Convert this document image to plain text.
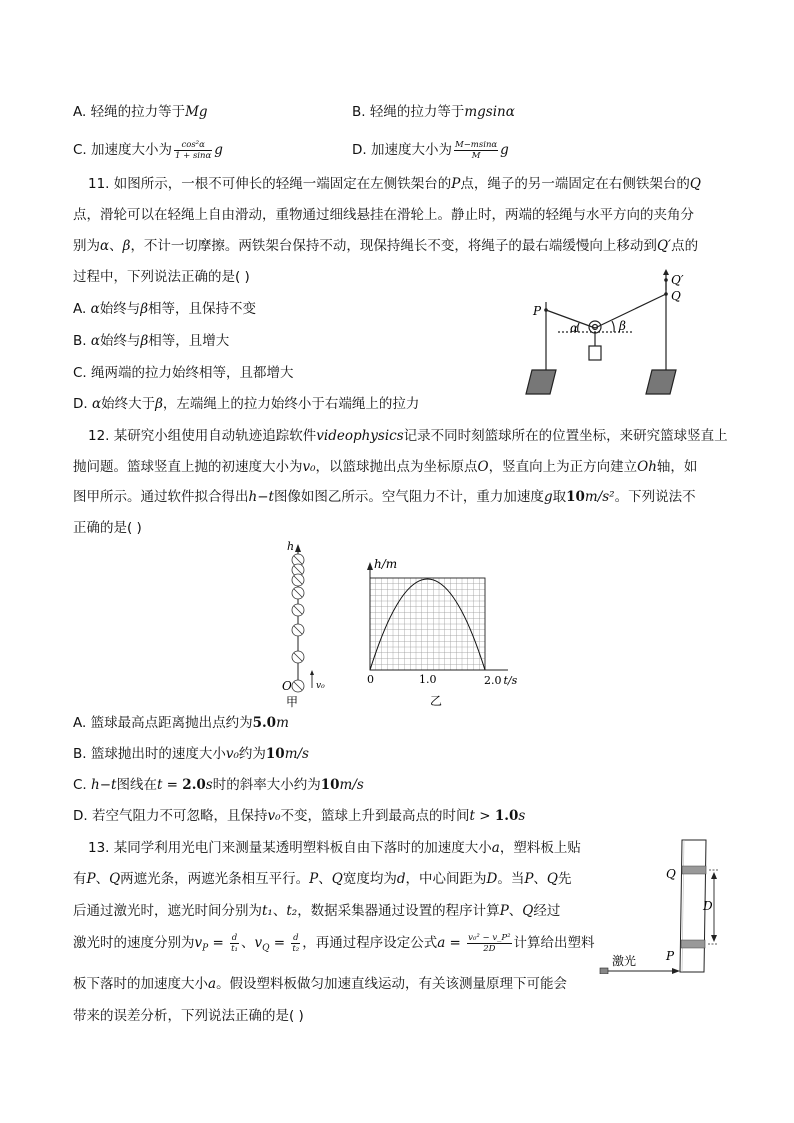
A. 轻绳的拉力等于Mg	B. 轻绳的拉力等于mgsinα
C. 加速度大小为 $\frac{\text{cos²α}}{1 + \sin\alpha}$ g	D. 加速度大小为 $\frac{M-msin\alpha}{M}$ g
11. 如图所示，一根不可伸长的轻绳一端固定在左侧铁架台的P点，绳子的另一端固定在右侧铁架台的Q
点，滑轮可以在轻绳上自由滑动，重物通过细线悬挂在滑轮上。静止时，两端的轻绳与水平方向的夹角分
别为α、β，不计一切摩擦。两铁架台保持不动，现保持绳长不变，将绳子的最右端缓慢向上移动到Q′点的
过程中，下列说法正确的是( )
A. α始终与β相等，且保持不变
B. α始终与β相等，且增大
C. 绳两端的拉力始终相等，且都增大
D. α始终大于β，左端绳上的拉力始终小于右端绳上的拉力
P
Q
Q′
α	β
12. 某研究小组使用自动轨迹追踪软件videophysics记录不同时刻篮球所在的位置坐标，来研究篮球竖直上
抛问题。篮球竖直上抛的初速度大小为v₀，以篮球抛出点为坐标原点O，竖直向上为正方向建立Oh轴，如
图甲所示。通过软件拟合得出h−t图像如图乙所示。空气阻力不计，重力加速度g取10m/s²。下列说法不
正确的是( )
h
O	v₀
甲
h/m
2.0 t/s
0	1.0
乙
A. 篮球最高点距离抛出点约为5.0m
B. 篮球抛出时的速度大小v₀约为10m/s
C. h−t图线在t = 2.0s时的斜率大小约为10m/s
D. 若空气阻力不可忽略，且保持v₀不变，篮球上升到最高点的时间t > 1.0s
13. 某同学利用光电门来测量某透明塑料板自由下落时的加速度大小a，塑料板上贴
有P、Q两遮光条，两遮光条相互平行。P、Q宽度均为d，中心间距为D。当P、Q先
后通过激光时，遮光时间分别为t₁、t₂，数据采集器通过设置的程序计算P、Q经过
激光时的速度分别为$v_P = \frac{d}{\text{t₁}}$ 、$v_Q = \frac{d}{\text{t₂}}$ ，再通过程序设定公式$a = \frac{\text{v₀² − v\_P²}}{2D}$ 计算给出塑料
板下落时的加速度大小a。假设塑料板做匀加速直线运动，有关该测量原理下可能会
带来的误差分析，下列说法正确的是( )
Q
P
D
激光
